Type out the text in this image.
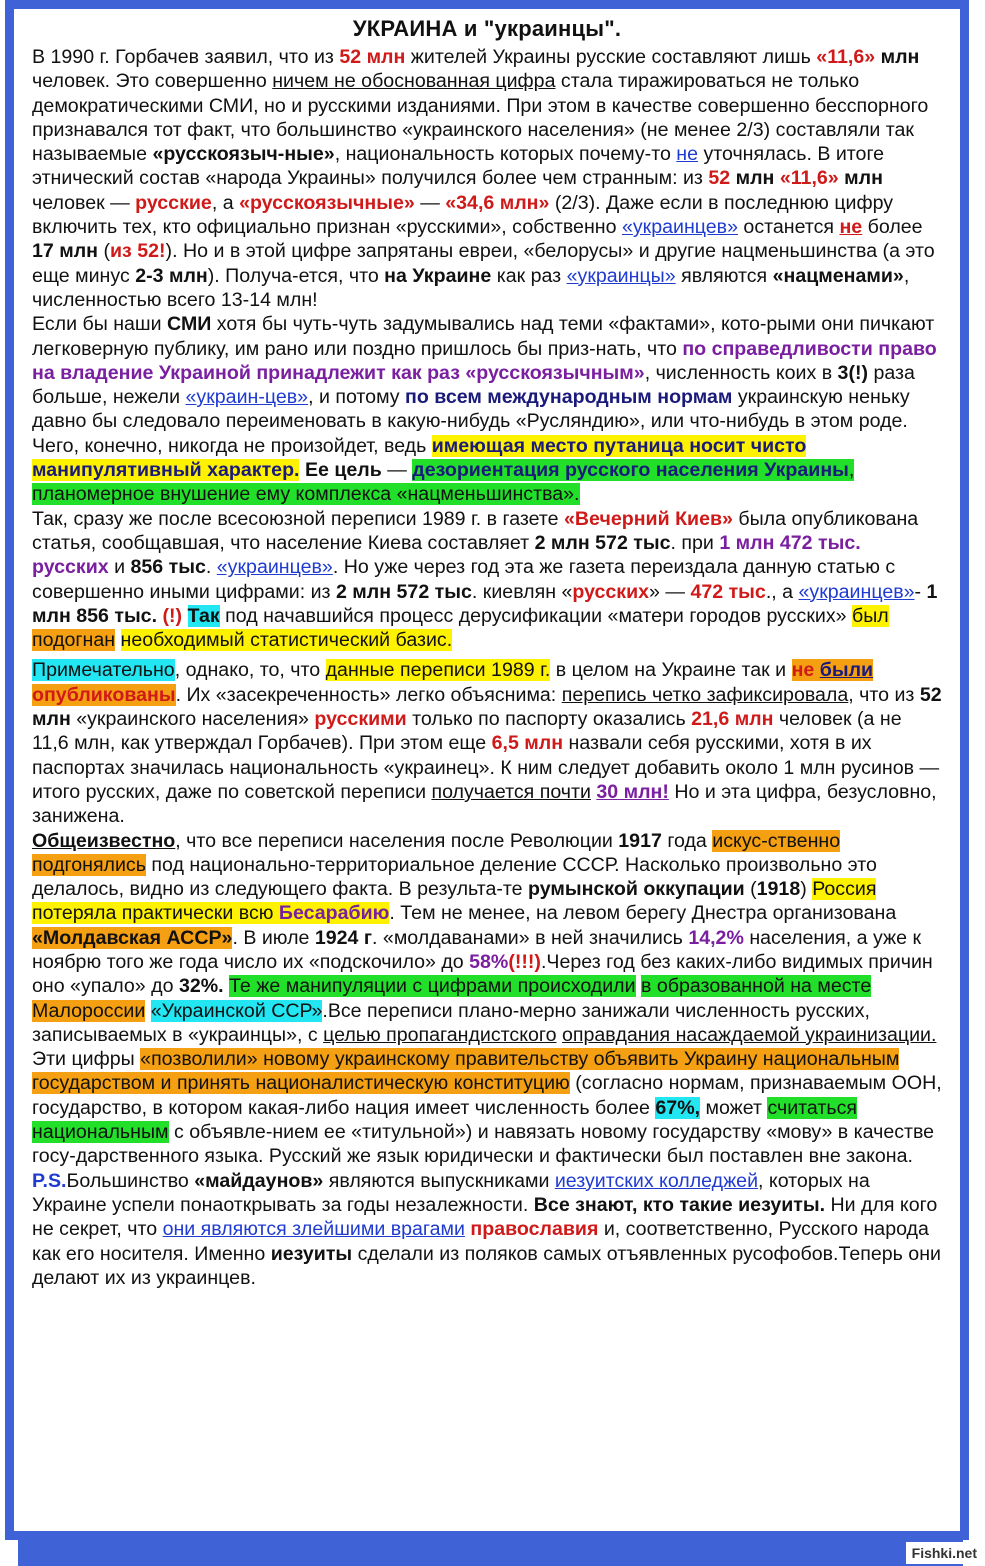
УКРАИНА и "украинцы".

В 1990 г. Горбачев заявил, что из 52 млн жителей Украины русские составляют лишь «11,6» млн человек. Это совершенно ничем не обоснованная цифра стала тиражироваться не только демократическими СМИ, но и русскими изданиями. При этом в качестве совершенно бесспорного признавался тот факт, что большинство «украинского населения» (не менее 2/3) составляли так называемые «русскоязыч-ные», национальность которых почему-то не уточнялась. В итоге этнический состав «народа Украины» получился более чем странным: из 52 млн «11,6» млн человек — русские, а «русскоязычные» — «34,6 млн» (2/3). Даже если в последнюю цифру включить тех, кто официально признан «русскими», собственно «украинцев» останется не более 17 млн (из 52!). Но и в этой цифре запрятаны евреи, «белорусы» и другие нацменьшинства (а это еще минус 2-3 млн). Получа-ется, что на Украине как раз «украинцы» являются «нацменами», численностью всего 13-14 млн!

Если бы наши СМИ хотя бы чуть-чуть задумывались над теми «фактами», кото-рыми они пичкают легковерную публику, им рано или поздно пришлось бы приз-нать, что по справедливости право на владение Украиной принадлежит как раз «русскоязычным», численность коих в 3(!) раза больше, нежели «украин-цев», и потому по всем международным нормам украинскую неньку давно бы следовало переименовать в какую-нибудь «Русляндию», или что-нибудь в этом роде. Чего, конечно, никогда не произойдет, ведь имеющая место путаница носит чисто манипулятивный характер. Ее цель — дезориентация русского населения Украины, планомерное внушение ему комплекса «нацменьшинства».

Так, сразу же после всесоюзной переписи 1989 г. в газете «Вечерний Киев» была опубликована статья, сообщавшая, что население Киева составляет 2 млн 572 тыс. при 1 млн 472 тыс. русских и 856 тыс. «украинцев». Но уже через год эта же газета переиздала данную статью с совершенно иными цифрами: из 2 млн 572 тыс. киевлян «русских» — 472 тыс., а «украинцев»- 1 млн 856 тыс. (!) Так под начавшийся процесс дерусификации «матери городов русских» был подогнан необходимый статистический базис.

Примечательно, однако, то, что данные переписи 1989 г. в целом на Украине так и не были опубликованы. Их «засекреченность» легко объяснима: перепись четко зафиксировала, что из 52 млн «украинского населения» русскими только по паспорту оказались 21,6 млн человек (а не 11,6 млн, как утверждал Горбачев). При этом еще 6,5 млн назвали себя русскими, хотя в их паспортах значилась национальность «украинец». К ним следует добавить около 1 млн русинов — итого русских, даже по советской переписи получается почти 30 млн! Но и эта цифра, безусловно, занижена.

Общеизвестно, что все переписи населения после Революции 1917 года искус-ственно подгонялись под национально-территориальное деление СССР. Насколько произвольно это делалось, видно из следующего факта. В результа-те румынской оккупации (1918) Россия потеряла практически всю Бесарабию. Тем не менее, на левом берегу Днестра организована «Молдавская АССР». В июле 1924 г. «молдаванами» в ней значились 14,2% населения, а уже к ноябрю того же года число их «подскочило» до 58%(!!!).Через год без каких-либо видимых причин оно «упало» до 32%. Те же манипуляции с цифрами происходили в образованной на месте Малороссии «Украинской ССР».Все переписи плано-мерно занижали численность русских, записываемых в «украинцы», с целью пропагандистского оправдания насаждаемой украинизации.

Эти цифры «позволили» новому украинскому правительству объявить Украину национальным государством и принять националистическую конституцию (согласно нормам, признаваемым ООН, государство, в котором какая-либо нация имеет численность более 67%, может считаться национальным с объявле-нием ее «титульной») и навязать новому государству «мову» в качестве госу-дарственного языка. Русский же язык юридически и фактически был поставлен вне закона.

P.S.Большинство «майдаунов» являются выпускниками иезуитских колледжей, которых на Украине успели понаоткрывать за годы незалежности. Все знают, кто такие иезуиты. Ни для кого не секрет, что они являются злейшими врагами православия и, соответственно, Русского народа как его носителя. Именно иезуиты сделали из поляков самых отъявленных русофобов.Теперь они делают их из украинцев.

Fishki.net
